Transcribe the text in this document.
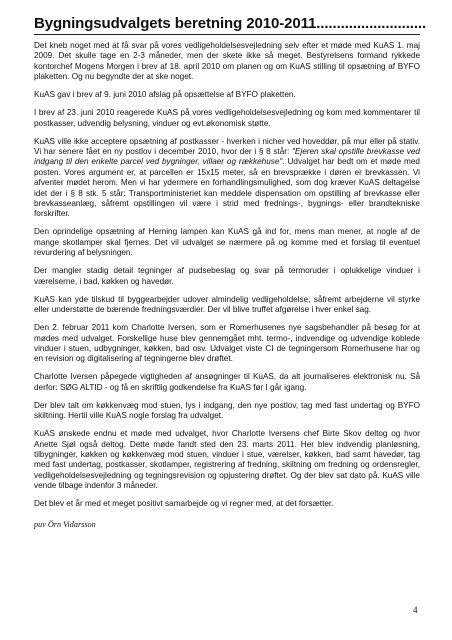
Bygningsudvalgets beretning 2010-2011...........................

Det kneb noget med at få svar på vores vedligeholdelsesvejledning selv efter et møde med KuAS 1. maj 2009. Det skulle tage en 2-3 måneder, men der skete ikke så meget. Bestyrelsens formand rykkede kontorchef Mogens Morgen i brev af 18. april 2010 om planen og om KuAS stilling til opsætning af BYFO plaketten. Og nu begyndte der at ske noget.

KuAS gav i brev af 9. juni 2010 afslag på opsættelse af BYFO plaketten.

I brev af 23. juni 2010 reagerede KuAS på vores vedligeholdelsesvejledning og kom med kommentarer til postkasser, udvendig belysning, vinduer og evt.økonomisk støtte.

KuAS ville ikke acceptere opsætning af postkasser - hverken i nicher ved hoveddør, på mur eller på stativ. Vi har senere fået en ny postlov i december 2010, hvor der i § 8 står: "Ejeren skal opstille brevkasse ved indgang til den enkelte parcel ved bygninger, villaer og rækkehuse". Udvalget har bedt om et møde med posten. Vores argument er, at parcellen er 15x15 meter, så en brevsprække i døren er brevkassen. Vi afventer mødet herom. Men vi har ydermere en forhandlingsmulighed, som dog kræver KuAS deltagelse idet der i § 8 stk. 5 står: Transportministeriet kan meddele dispensation om opstilling af brevkasse eller brevkasseanlæg, såfremt opstillingen vil være i strid med frednings-, bygnings- eller brandtekniske forskrifter.

Den oprindelige opsætning af Herning lampen kan KuAS gå ind for, mens man mener, at nogle af de mange skotlamper skal fjernes. Det vil udvalget se nærmere på og komme med et forslag til eventuel revurdering af belysningen.

Der mangler stadig detail tegninger af pudsebeslag og svar på termoruder i oplukkelige vinduer i værelserne, i bad, køkken og havedør.

KuAS kan yde tilskud til byggearbejder udover almindelig vedligeholdelse, såfremt arbejderne vil styrke eller understøtte de bærende fredningsværdier. Der vil blive truffet afgørelse i hver enkel sag.

Den 2. februar 2011 kom Charlotte Iversen, som er Romerhusenes nye sagsbehandler på besøg for at mødes med udvalget. Forskellige huse blev gennemgået mht. termo-, indvendige og udvendige koblede vinduer i stuen, udbygninger, køkken, bad osv. Udvalget viste CI de tegningersom Romerhusene har og en revision og digitalisering af tegningerne blev drøftet.

Charlotte Iversen påpegede vigtigheden af ansøgninger til KuAS, da alt journaliseres elektronisk nu. Så derfor: SØG ALTID - og få en skriftlig godkendelse fra KuAS før I går igang.

Der blev talt om køkkenvæg mod stuen, lys i indgang, den nye postlov, tag med fast undertag og BYFO skiltning. Hertil ville KuAS nogle forslag fra udvalget.

KuAS ønskede endnu et møde med udvalget, hvor Charlotte Iversens chef Birte Skov deltog og hvor Anette Sjøl også deltog. Dette møde fandt sted den 23. marts 2011. Her blev indvendig planløsning, tilbygninger, køkken og køkkenvæg mod stuen, vinduer i stue, værelser, køkken, bad samt havedør, tag med fast undertag, postkasser, skotlamper, registrering af fredning, skiltning om fredning og ordensregler, vedligeholdelsesvejledning og tegningsrevision og opjustering drøftet. Og der blev sat dato på. KuAS ville vende tilbage indenfor 3 måneder.

Det blev et år med et meget positivt samarbejde og vi regner med, at det forsætter.

puv Örn Vidarsson
4
